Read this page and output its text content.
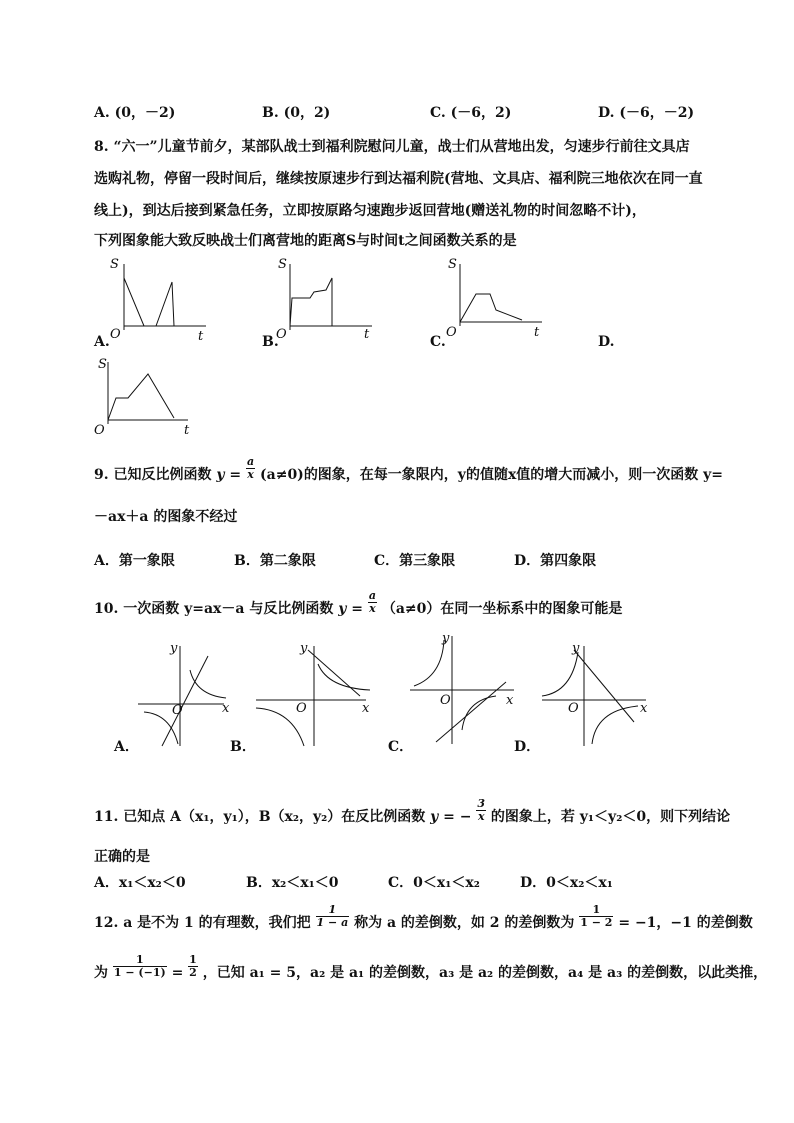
A. (0，－2)	B. (0，2)	C. (－6，2)	D. (－6，－2)
8. “六一”儿童节前夕，某部队战士到福利院慰问儿童，战士们从营地出发，匀速步行前往文具店
选购礼物，停留一段时间后，继续按原速步行到达福利院(营地、文具店、福利院三地依次在同一直
线上)，到达后接到紧急任务，立即按原路匀速跑步返回营地(赠送礼物的时间忽略不计)，
下列图象能大致反映战士们离营地的距离S与时间t之间函数关系的是
S
t
O
A.
S
t
O
B.
S
t
O
C.	D.
S
t
O
9. 已知反比例函数 $y = \frac{a}{x} (a\ne 0)$的图象，在每一象限内，y的值随x值的增大而减小，则一次函数 y=
－ax＋a 的图象不经过
A．第一象限	B．第二象限	C．第三象限	D．第四象限
10. 一次函数 y=ax－a 与反比例函数 $y = \frac{a}{x} (a\ne 0)$在同一坐标系中的图象可能是
y
x
O
A．
y
x
O
B．
y
x
O
C．
y
x
O
D．
11. 已知点 A（x₁，y₁），B（x₂，y₂）在反比例函数 y = − $\frac{3}{x}$ 的图象上，若 y₁＜y₂＜0，则下列结论
正确的是
A．x₁＜x₂＜0	B．x₂＜x₁＜0	C．0＜x₁＜x₂	D．0＜x₂＜x₁
12. a 是不为 1 的有理数，我们把 $\frac{1}{1 - a}$ 称为 a 的差倒数，如 2 的差倒数为 $\frac{1}{1 - 2} = -1$，−1 的差倒数
为 $\frac{1}{1 - (-1)} = \frac{1}{2}$ ，已知 a₁ = 5，a₂ 是 a₁ 的差倒数，a₃ 是 a₂ 的差倒数，a₄ 是 a₃ 的差倒数，以此类推，
